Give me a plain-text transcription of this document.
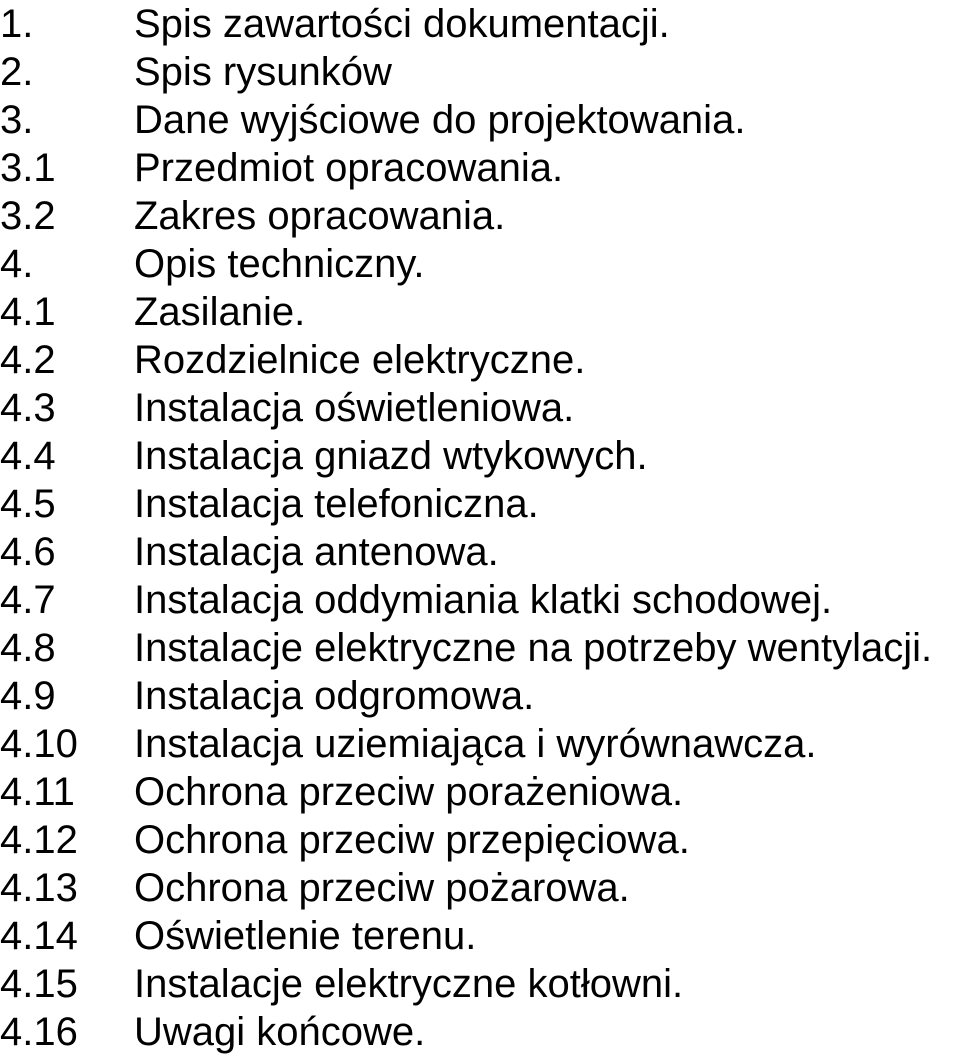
1.	Spis zawartości dokumentacji.
2.	Spis rysunków
3.	Dane wyjściowe do projektowania.
3.1 Przedmiot opracowania.
3.2 Zakres opracowania.
4.	Opis techniczny.
4.1 Zasilanie.
4.2 Rozdzielnice elektryczne.
4.3 Instalacja oświetleniowa.
4.4 Instalacja gniazd wtykowych.
4.5 Instalacja telefoniczna.
4.6 Instalacja antenowa.
4.7 Instalacja oddymiania klatki schodowej.
4.8 Instalacje elektryczne na potrzeby wentylacji.
4.9 Instalacja odgromowa.
4.10 Instalacja uziemiająca i wyrównawcza.
4.11 Ochrona przeciw porażeniowa.
4.12 Ochrona przeciw przepięciowa.
4.13 Ochrona przeciw pożarowa.
4.14 Oświetlenie terenu.
4.15 Instalacje elektryczne kotłowni.
4.16 Uwagi końcowe.
